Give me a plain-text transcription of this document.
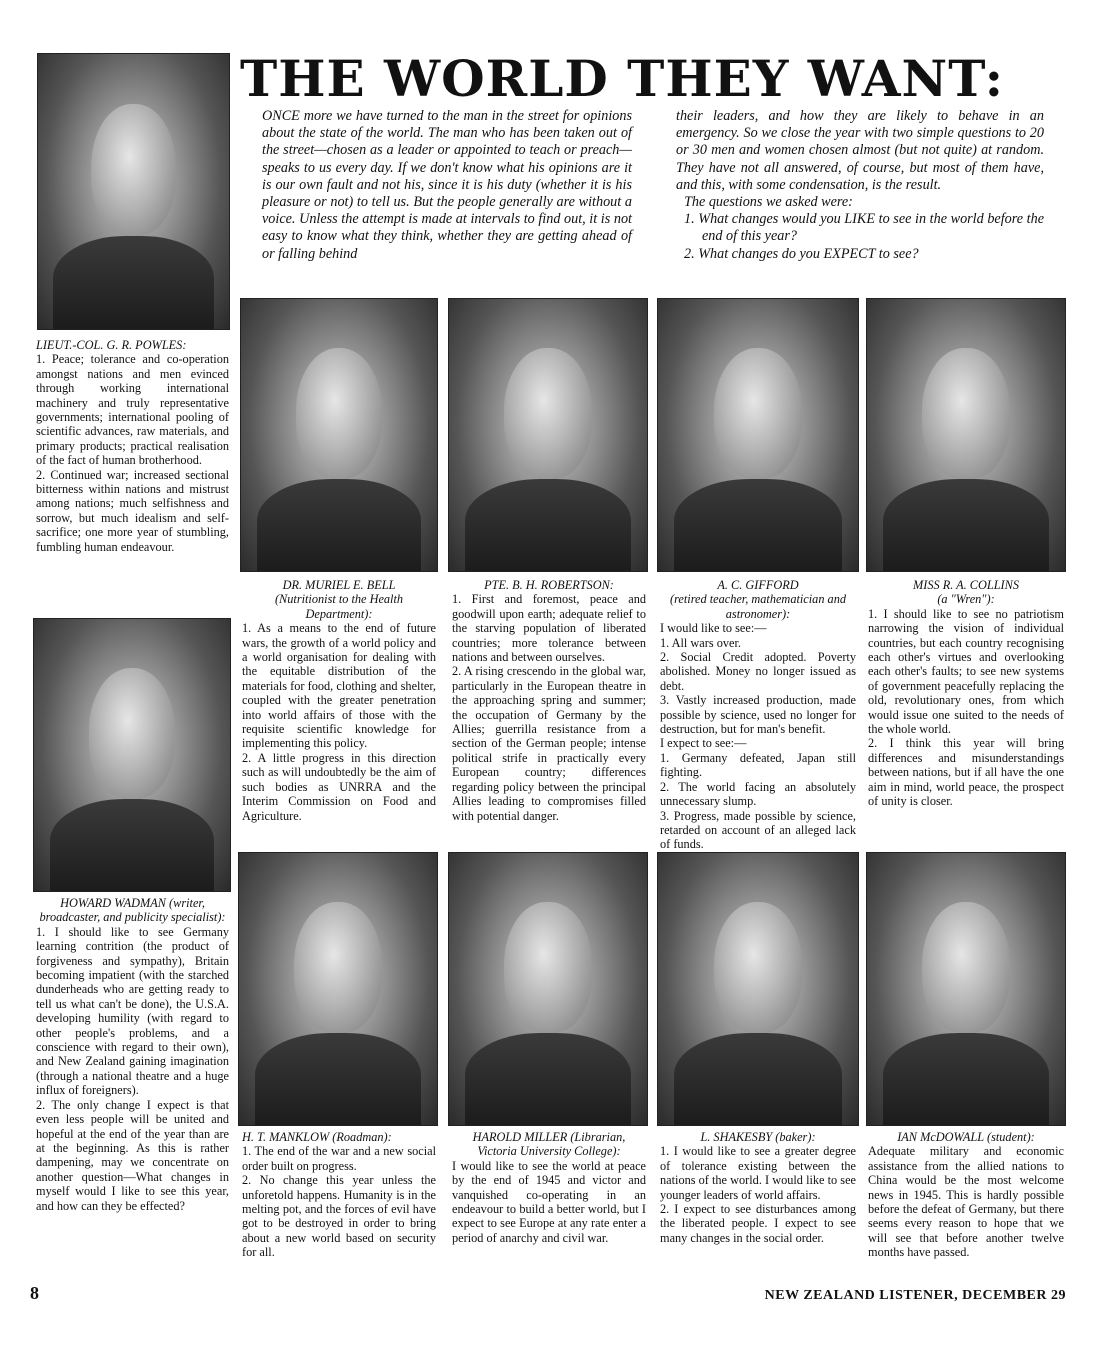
THE WORLD THEY WANT:

ONCE more we have turned to the man in the street for opinions about the state of the world. The man who has been taken out of the street—chosen as a leader or appointed to teach or preach—speaks to us every day. If we don't know what his opinions are it is our own fault and not his, since it is his duty (whether it is his pleasure or not) to tell us. But the people generally are without a voice. Unless the attempt is made at intervals to find out, it is not easy to know what they think, whether they are getting ahead of or falling behind

their leaders, and how they are likely to behave in an emergency. So we close the year with two simple questions to 20 or 30 men and women chosen almost (but not quite) at random. They have not all answered, of course, but most of them have, and this, with some condensation, is the result.

The questions we asked were:

1. What changes would you LIKE to see in the world before the end of this year?

2. What changes do you EXPECT to see?

LIEUT.-COL. G. R. POWLES:

1. Peace; tolerance and co-operation amongst nations and men evinced through working international machinery and truly representative governments; international pooling of scientific advances, raw materials, and primary products; practical realisation of the fact of human brotherhood.

2. Continued war; increased sectional bitterness within nations and mistrust among nations; much selfishness and sorrow, but much idealism and self-sacrifice; one more year of stumbling, fumbling human endeavour.

DR. MURIEL E. BELL

(Nutritionist to the Health Department):

1. As a means to the end of future wars, the growth of a world policy and a world organisation for dealing with the equitable distribution of the materials for food, clothing and shelter, coupled with the greater penetration into world affairs of those with the requisite scientific knowledge for implementing this policy.

2. A little progress in this direction such as will undoubtedly be the aim of such bodies as UNRRA and the Interim Commission on Food and Agriculture.

PTE. B. H. ROBERTSON:

1. First and foremost, peace and goodwill upon earth; adequate relief to the starving population of liberated countries; more tolerance between nations and between ourselves.

2. A rising crescendo in the global war, particularly in the European theatre in the approaching spring and summer; the occupation of Germany by the Allies; guerrilla resistance from a section of the German people; intense political strife in practically every European country; differences regarding policy between the principal Allies leading to compromises filled with potential danger.

A. C. GIFFORD

(retired teacher, mathematician and astronomer):

I would like to see:—

1. All wars over.

2. Social Credit adopted. Poverty abolished. Money no longer issued as debt.

3. Vastly increased production, made possible by science, used no longer for destruction, but for man's benefit.

I expect to see:—

1. Germany defeated, Japan still fighting.

2. The world facing an absolutely unnecessary slump.

3. Progress, made possible by science, retarded on account of an alleged lack of funds.

MISS R. A. COLLINS

(a "Wren"):

1. I should like to see no patriotism narrowing the vision of individual countries, but each country recognising each other's virtues and overlooking each other's faults; to see new systems of government peacefully replacing the old, revolutionary ones, from which would issue one suited to the needs of the whole world.

2. I think this year will bring differences and misunderstandings between nations, but if all have the one aim in mind, world peace, the prospect of unity is closer.

HOWARD WADMAN (writer, broadcaster, and publicity specialist):

1. I should like to see Germany learning contrition (the product of forgiveness and sympathy), Britain becoming impatient (with the starched dunderheads who are getting ready to tell us what can't be done), the U.S.A. developing humility (with regard to other people's problems, and a conscience with regard to their own), and New Zealand gaining imagination (through a national theatre and a huge influx of foreigners).

2. The only change I expect is that even less people will be united and hopeful at the end of the year than are at the beginning. As this is rather dampening, may we concentrate on another question—What changes in myself would I like to see this year, and how can they be effected?

H. T. MANKLOW (Roadman):

1. The end of the war and a new social order built on progress.

2. No change this year unless the unforetold happens. Humanity is in the melting pot, and the forces of evil have got to be destroyed in order to bring about a new world based on security for all.

HAROLD MILLER (Librarian, Victoria University College):

I would like to see the world at peace by the end of 1945 and victor and vanquished co-operating in an endeavour to build a better world, but I expect to see Europe at any rate enter a period of anarchy and civil war.

L. SHAKESBY (baker):

1. I would like to see a greater degree of tolerance existing between the nations of the world. I would like to see younger leaders of world affairs.

2. I expect to see disturbances among the liberated people. I expect to see many changes in the social order.

IAN McDOWALL (student):

Adequate military and economic assistance from the allied nations to China would be the most welcome news in 1945. This is hardly possible before the defeat of Germany, but there seems every reason to hope that we will see that before another twelve months have passed.

8	NEW ZEALAND LISTENER, DECEMBER 29
